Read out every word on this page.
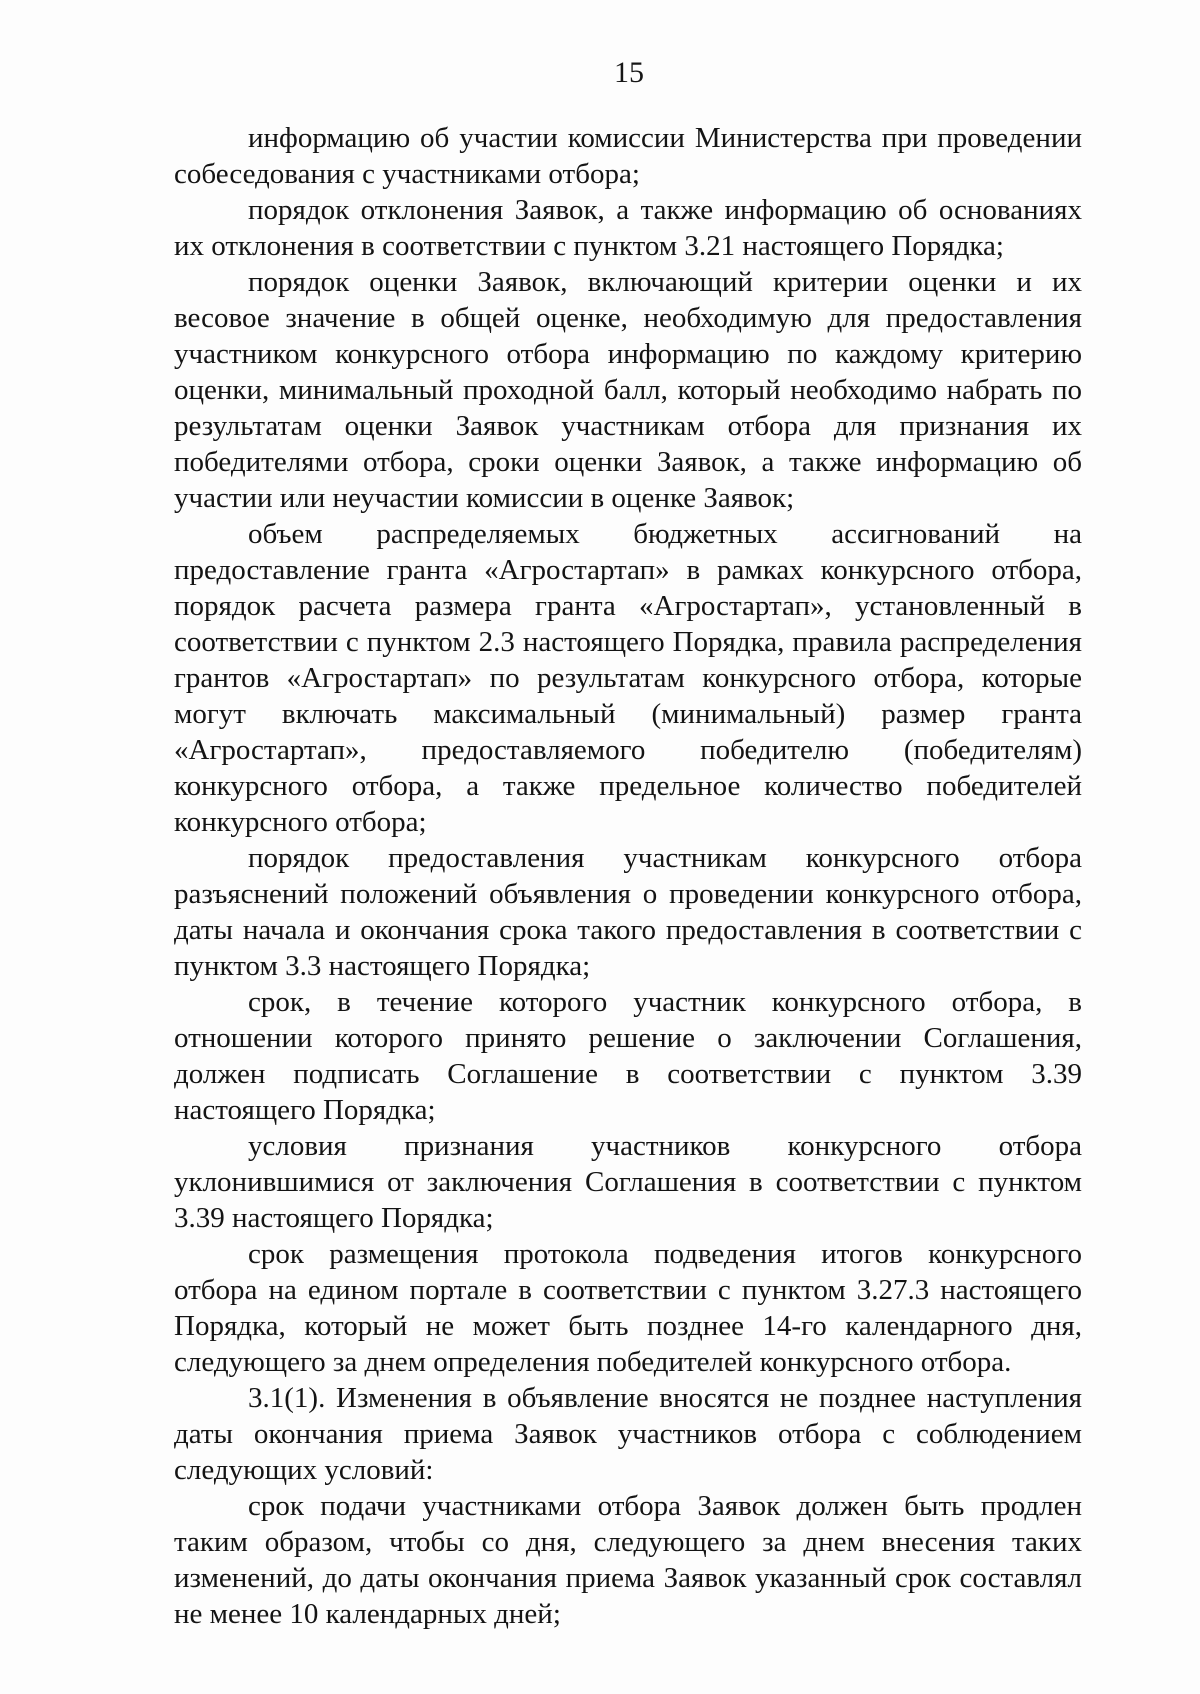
15

информацию об участии комиссии Министерства при проведении собеседования с участниками отбора;

порядок отклонения Заявок, а также информацию об основаниях их отклонения в соответствии с пунктом 3.21 настоящего Порядка;

порядок оценки Заявок, включающий критерии оценки и их весовое значение в общей оценке, необходимую для предоставления участником конкурсного отбора информацию по каждому критерию оценки, минимальный проходной балл, который необходимо набрать по результатам оценки Заявок участникам отбора для признания их победителями отбора, сроки оценки Заявок, а также информацию об участии или неучастии комиссии в оценке Заявок;

объем распределяемых бюджетных ассигнований на предоставление гранта «Агростартап» в рамках конкурсного отбора, порядок расчета размера гранта «Агростартап», установленный в соответствии с пунктом 2.3 настоящего Порядка, правила распределения грантов «Агростартап» по результатам конкурсного отбора, которые могут включать максимальный (минимальный) размер гранта «Агростартап», предоставляемого победителю (победителям) конкурсного отбора, а также предельное количество победителей конкурсного отбора;

порядок предоставления участникам конкурсного отбора разъяснений положений объявления о проведении конкурсного отбора, даты начала и окончания срока такого предоставления в соответствии с пунктом 3.3 настоящего Порядка;

срок, в течение которого участник конкурсного отбора, в отношении которого принято решение о заключении Соглашения, должен подписать Соглашение в соответствии с пунктом 3.39 настоящего Порядка;

условия признания участников конкурсного отбора уклонившимися от заключения Соглашения в соответствии с пунктом 3.39 настоящего Порядка;

срок размещения протокола подведения итогов конкурсного отбора на едином портале в соответствии с пунктом 3.27.3 настоящего Порядка, который не может быть позднее 14-го календарного дня, следующего за днем определения победителей конкурсного отбора.

3.1(1). Изменения в объявление вносятся не позднее наступления даты окончания приема Заявок участников отбора с соблюдением следующих условий:

срок подачи участниками отбора Заявок должен быть продлен таким образом, чтобы со дня, следующего за днем внесения таких изменений, до даты окончания приема Заявок указанный срок составлял не менее 10 календарных дней;
